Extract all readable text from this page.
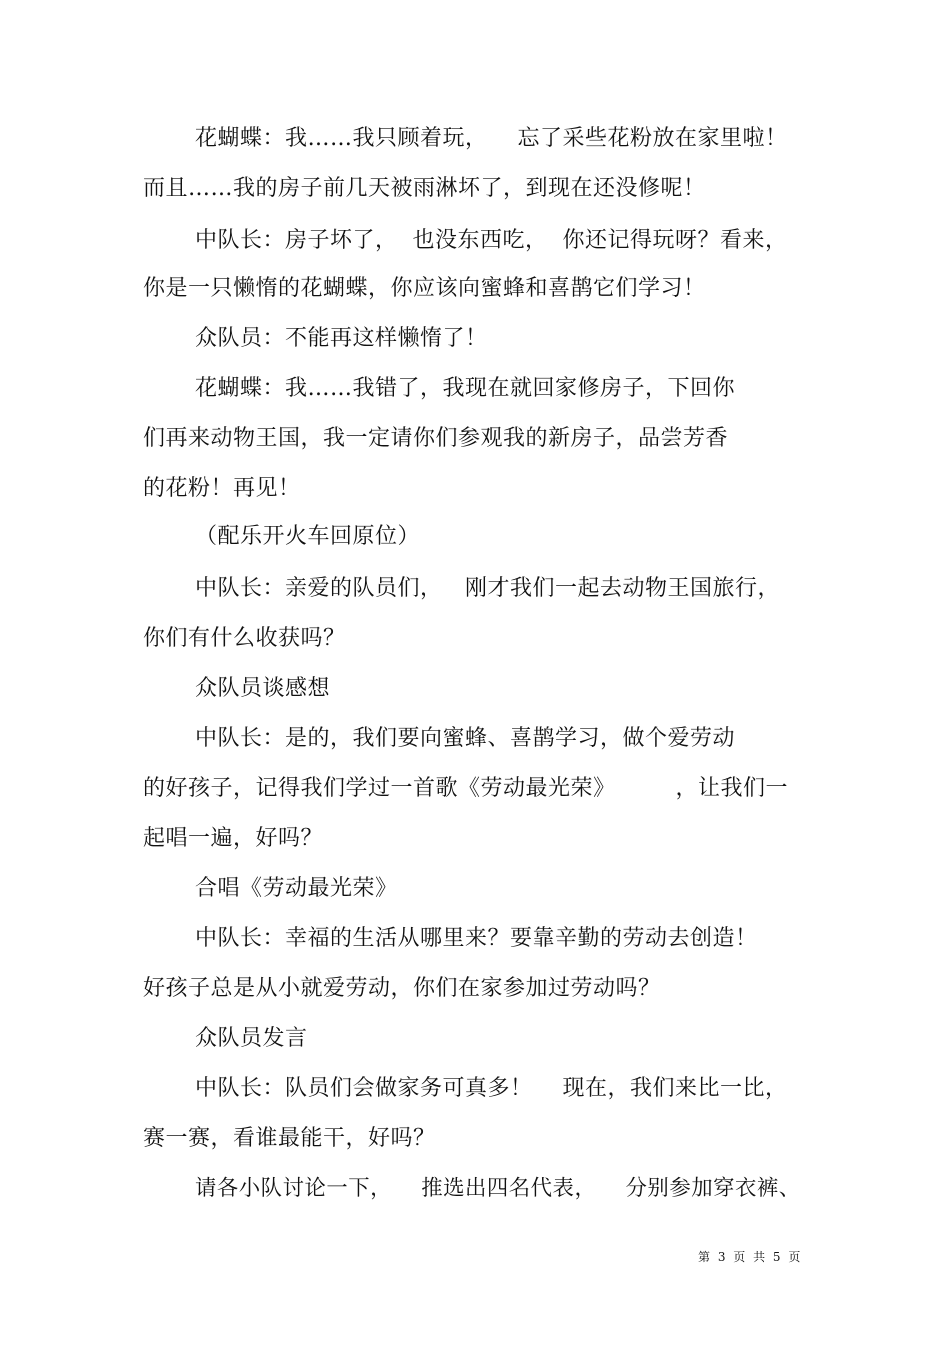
花蝴蝶：我……我只顾着玩，    忘了采些花粉放在家里啦！
而且……我的房子前几天被雨淋坏了，到现在还没修呢！
中队长：房子坏了，  也没东西吃，  你还记得玩呀？看来，
你是一只懒惰的花蝴蝶，你应该向蜜蜂和喜鹊它们学习！
众队员：不能再这样懒惰了！
花蝴蝶：我……我错了，我现在就回家修房子，下回你
们再来动物王国，我一定请你们参观我的新房子，品尝芳香
的花粉！再见！
（配乐开火车回原位）
中队长：亲爱的队员们，   刚才我们一起去动物王国旅行，
你们有什么收获吗？
众队员谈感想
中队长：是的，我们要向蜜蜂、喜鹊学习，做个爱劳动
的好孩子，记得我们学过一首歌《劳动最光荣》        ，让我们一
起唱一遍，好吗？
合唱《劳动最光荣》
中队长：幸福的生活从哪里来？要靠辛勤的劳动去创造！
好孩子总是从小就爱劳动，你们在家参加过劳动吗？
众队员发言
中队长：队员们会做家务可真多！    现在，我们来比一比，
赛一赛，看谁最能干，好吗？
请各小队讨论一下，    推选出四名代表，    分别参加穿衣裤、
第 3 页 共 5 页
